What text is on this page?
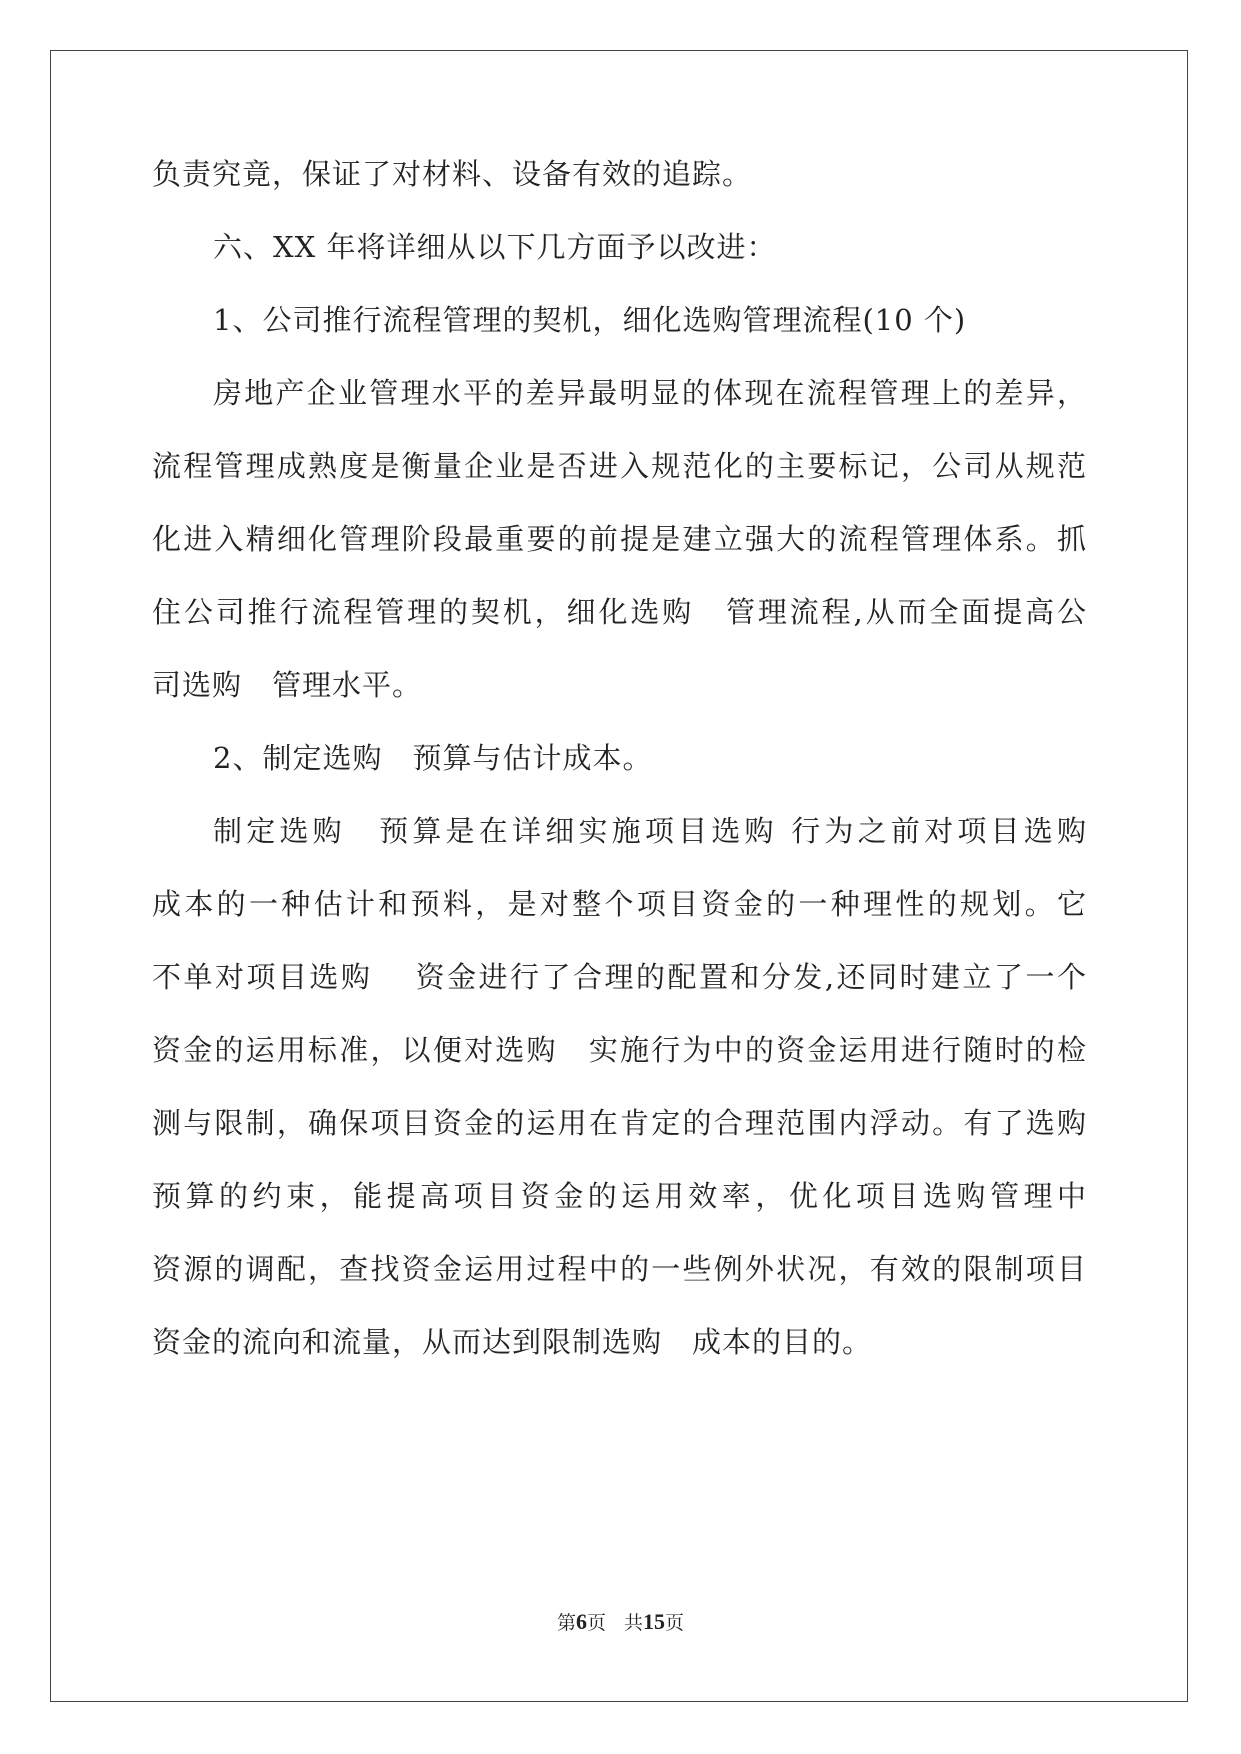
负责究竟，保证了对材料、设备有效的追踪。
六、XX 年将详细从以下几方面予以改进：
1、公司推行流程管理的契机，细化选购管理流程(10 个)
房地产企业管理水平的差异最明显的体现在流程管理上的差异，
流程管理成熟度是衡量企业是否进入规范化的主要标记，公司从规范
化进入精细化管理阶段最重要的前提是建立强大的流程管理体系。抓
住公司推行流程管理的契机，细化选购　管理流程,从而全面提高公
司选购　管理水平。
2、制定选购　预算与估计成本。
制定选购　预算是在详细实施项目选购 行为之前对项目选购
成本的一种估计和预料，是对整个项目资金的一种理性的规划。它
不单对项目选购　 资金进行了合理的配置和分发,还同时建立了一个
资金的运用标准，以便对选购　实施行为中的资金运用进行随时的检
测与限制，确保项目资金的运用在肯定的合理范围内浮动。有了选购
预算的约束，能提高项目资金的运用效率，优化项目选购管理中
资源的调配，查找资金运用过程中的一些例外状况，有效的限制项目
资金的流向和流量，从而达到限制选购　成本的目的。
第6页 共15页
